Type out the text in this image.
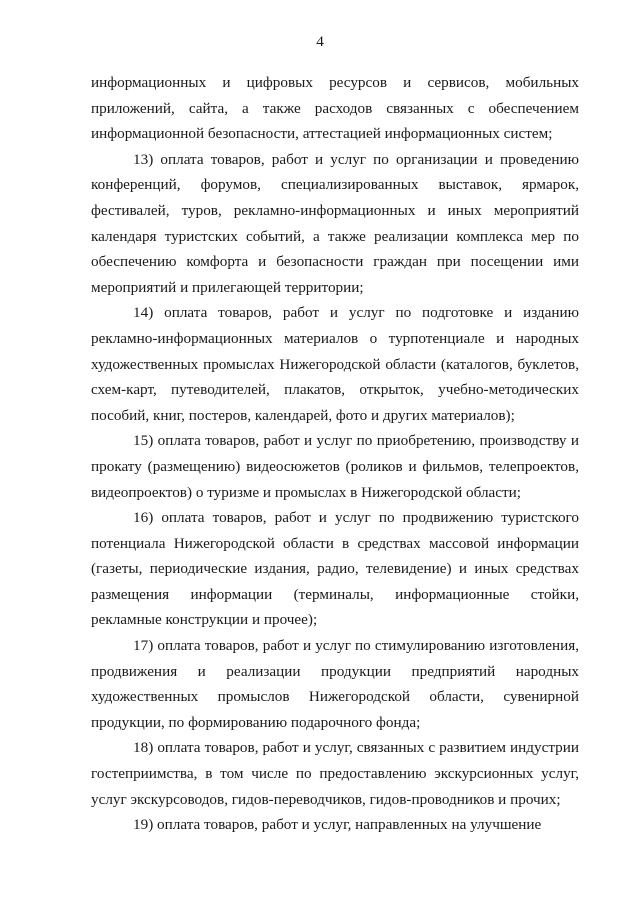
4

информационных и цифровых ресурсов и сервисов, мобильных приложений, сайта, а также расходов связанных с обеспечением информационной безопасности, аттестацией информационных систем;

13) оплата товаров, работ и услуг по организации и проведению конференций, форумов, специализированных выставок, ярмарок, фестивалей, туров, рекламно-информационных и иных мероприятий календаря туристских событий, а также реализации комплекса мер по обеспечению комфорта и безопасности граждан при посещении ими мероприятий и прилегающей территории;

14) оплата товаров, работ и услуг по подготовке и изданию рекламно-информационных материалов о турпотенциале и народных художественных промыслах Нижегородской области (каталогов, буклетов, схем-карт, путеводителей, плакатов, открыток, учебно-методических пособий, книг, постеров, календарей, фото и других материалов);

15) оплата товаров, работ и услуг по приобретению, производству и прокату (размещению) видеосюжетов (роликов и фильмов, телепроектов, видеопроектов) о туризме и промыслах в Нижегородской области;

16) оплата товаров, работ и услуг по продвижению туристского потенциала Нижегородской области в средствах массовой информации (газеты, периодические издания, радио, телевидение) и иных средствах размещения информации (терминалы, информационные стойки, рекламные конструкции и прочее);

17) оплата товаров, работ и услуг по стимулированию изготовления, продвижения и реализации продукции предприятий народных художественных промыслов Нижегородской области, сувенирной продукции, по формированию подарочного фонда;

18) оплата товаров, работ и услуг, связанных с развитием индустрии гостеприимства, в том числе по предоставлению экскурсионных услуг, услуг экскурсоводов, гидов-переводчиков, гидов-проводников и прочих;

19) оплата товаров, работ и услуг, направленных на улучшение
